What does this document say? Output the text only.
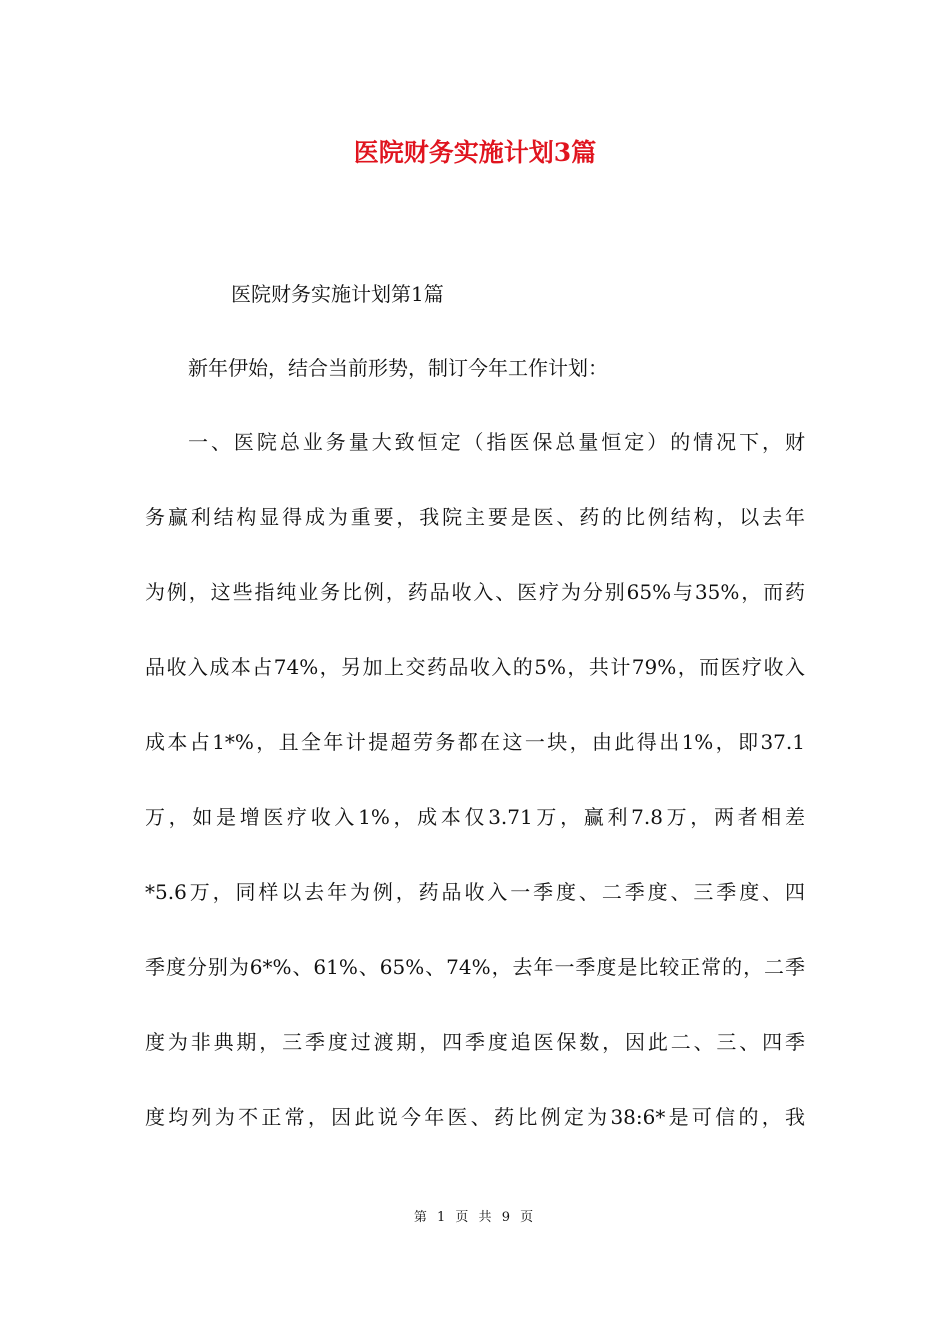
医院财务实施计划3篇
医院财务实施计划第1篇
新年伊始，结合当前形势，制订今年工作计划：
一、医院总业务量大致恒定（指医保总量恒定）的情况下，财
务赢利结构显得成为重要，我院主要是医、药的比例结构，以去年
为例，这些指纯业务比例，药品收入、医疗为分别65%与35%，而药
品收入成本占74%，另加上交药品收入的5%，共计79%，而医疗收入
成本占1*%，且全年计提超劳务都在这一块，由此得出1%，即37.1
万，如是增医疗收入1%，成本仅3.71万，赢利7.8万，两者相差
*5.6万，同样以去年为例，药品收入一季度、二季度、三季度、四
季度分别为6*%、61%、65%、74%，去年一季度是比较正常的，二季
度为非典期，三季度过渡期，四季度追医保数，因此二、三、四季
度均列为不正常，因此说今年医、药比例定为38:6*是可信的，我
第 1 页 共 9 页
